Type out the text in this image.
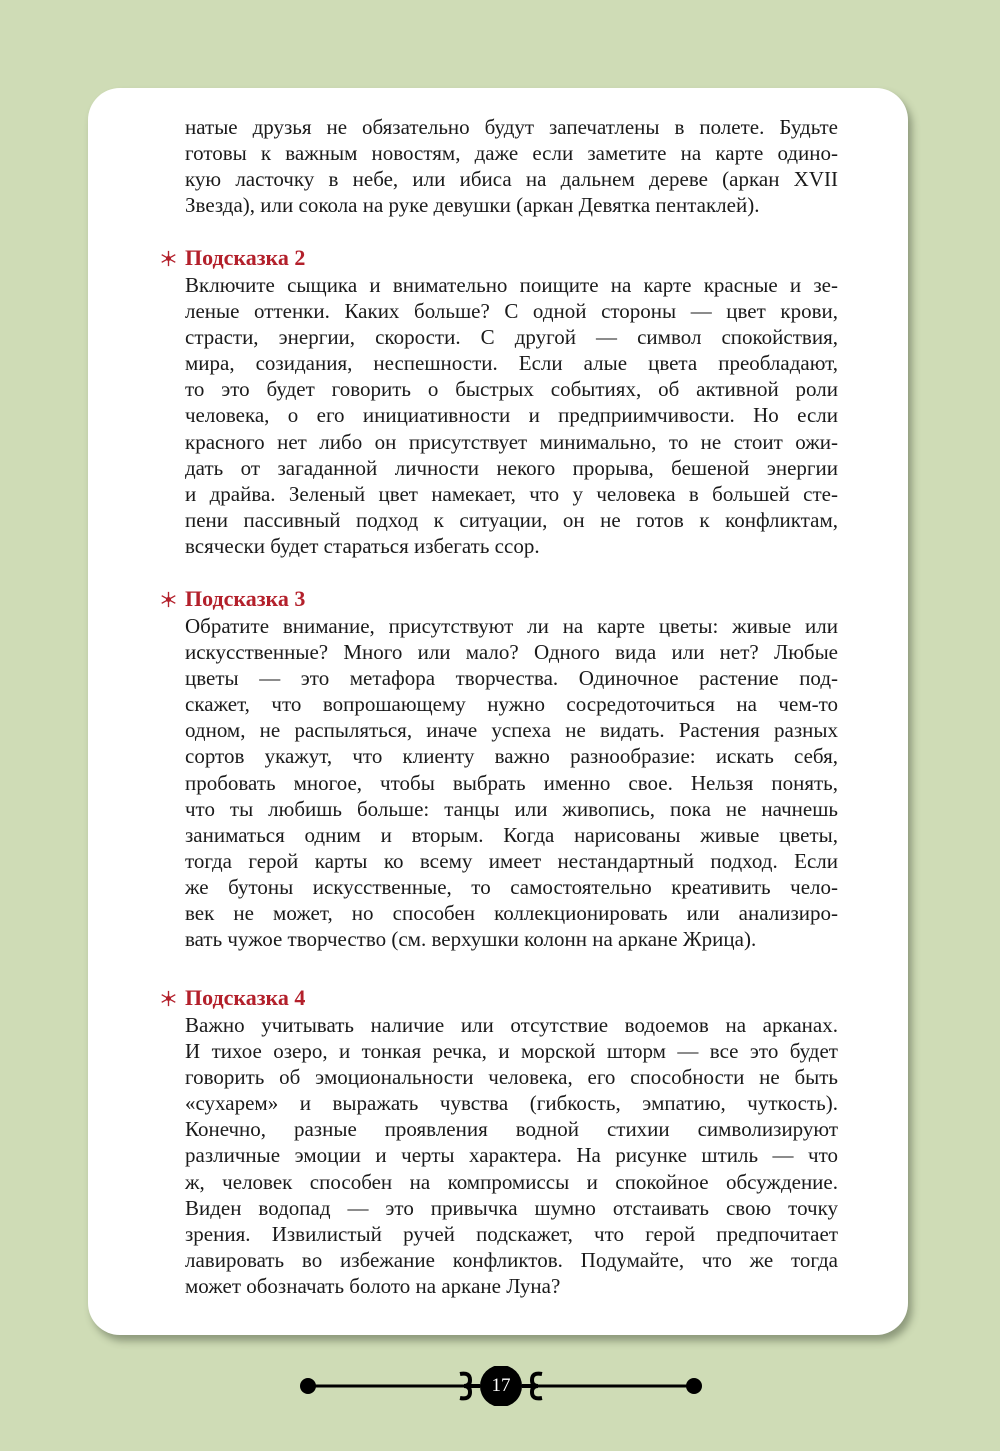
натые друзья не обязательно будут запечатлены в полете. Будьте
готовы к важным новостям, даже если заметите на карте одино-
кую ласточку в небе, или ибиса на дальнем дереве (аркан XVII
Звезда), или сокола на руке девушки (аркан Девятка пентаклей).
Подсказка 2
Включите сыщика и внимательно поищите на карте красные и зе-
леные оттенки. Каких больше? С одной стороны — цвет крови,
страсти, энергии, скорости. С другой — символ спокойствия,
мира, созидания, неспешности. Если алые цвета преобладают,
то это будет говорить о быстрых событиях, об активной роли
человека, о его инициативности и предприимчивости. Но если
красного нет либо он присутствует минимально, то не стоит ожи-
дать от загаданной личности некого прорыва, бешеной энергии
и драйва. Зеленый цвет намекает, что у человека в большей сте-
пени пассивный подход к ситуации, он не готов к конфликтам,
всячески будет стараться избегать ссор.
Подсказка 3
Обратите внимание, присутствуют ли на карте цветы: живые или
искусственные? Много или мало? Одного вида или нет? Любые
цветы — это метафора творчества. Одиночное растение под-
скажет, что вопрошающему нужно сосредоточиться на чем-то
одном, не распыляться, иначе успеха не видать. Растения разных
сортов укажут, что клиенту важно разнообразие: искать себя,
пробовать многое, чтобы выбрать именно свое. Нельзя понять,
что ты любишь больше: танцы или живопись, пока не начнешь
заниматься одним и вторым. Когда нарисованы живые цветы,
тогда герой карты ко всему имеет нестандартный подход. Если
же бутоны искусственные, то самостоятельно креативить чело-
век не может, но способен коллекционировать или анализиро-
вать чужое творчество (см. верхушки колонн на аркане Жрица).
Подсказка 4
Важно учитывать наличие или отсутствие водоемов на арканах.
И тихое озеро, и тонкая речка, и морской шторм — все это будет
говорить об эмоциональности человека, его способности не быть
«сухарем» и выражать чувства (гибкость, эмпатию, чуткость).
Конечно, разные проявления водной стихии символизируют
различные эмоции и черты характера. На рисунке штиль — что
ж, человек способен на компромиссы и спокойное обсуждение.
Виден водопад — это привычка шумно отстаивать свою точку
зрения. Извилистый ручей подскажет, что герой предпочитает
лавировать во избежание конфликтов. Подумайте, что же тогда
может обозначать болото на аркане Луна?
17
